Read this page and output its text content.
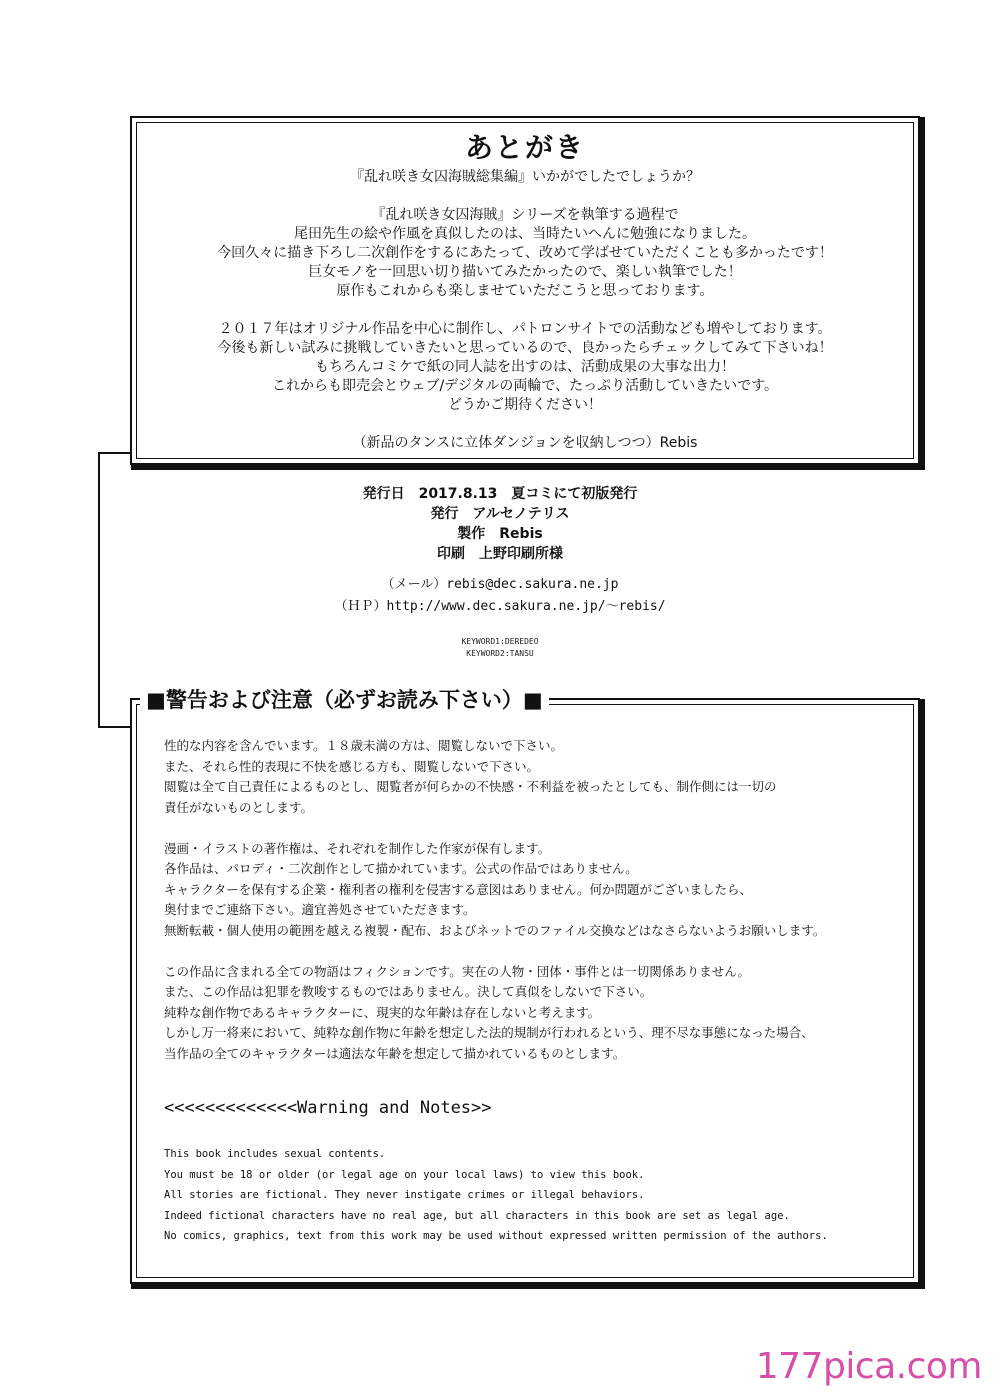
あとがき

『乱れ咲き女囚海賊総集編』いかがでしたでしょうか？

『乱れ咲き女囚海賊』シリーズを執筆する過程で

尾田先生の絵や作風を真似したのは、当時たいへんに勉強になりました。

今回久々に描き下ろし二次創作をするにあたって、改めて学ばせていただくことも多かったです！

巨女モノを一回思い切り描いてみたかったので、楽しい執筆でした！

原作もこれからも楽しませていただこうと思っております。

２０１７年はオリジナル作品を中心に制作し、パトロンサイトでの活動なども増やしております。

今後も新しい試みに挑戦していきたいと思っているので、良かったらチェックしてみて下さいね！

もちろんコミケで紙の同人誌を出すのは、活動成果の大事な出力！

これからも即売会とウェブ/デジタルの両輪で、たっぷり活動していきたいです。

どうかご期待ください！

（新品のタンスに立体ダンジョンを収納しつつ）Rebis

発行日　2017.8.13　夏コミにて初版発行

発行　アルセノテリス

製作　Rebis

印刷　上野印刷所様

（メール）rebis@dec.sakura.ne.jp

（ＨＰ）http://www.dec.sakura.ne.jp/～rebis/

KEYWORD1:DEREDEO

KEYWORD2:TANSU

■警告および注意（必ずお読み下さい）■

性的な内容を含んでいます。１８歳未満の方は、閲覧しないで下さい。

また、それら性的表現に不快を感じる方も、閲覧しないで下さい。

閲覧は全て自己責任によるものとし、閲覧者が何らかの不快感・不利益を被ったとしても、制作側には一切の

責任がないものとします。

漫画・イラストの著作権は、それぞれを制作した作家が保有します。

各作品は、パロディ・二次創作として描かれています。公式の作品ではありません。

キャラクターを保有する企業・権利者の権利を侵害する意図はありません。何か問題がございましたら、

奥付までご連絡下さい。適宜善処させていただきます。

無断転載・個人使用の範囲を越える複製・配布、およびネットでのファイル交換などはなさらないようお願いします。

この作品に含まれる全ての物語はフィクションです。実在の人物・団体・事件とは一切関係ありません。

また、この作品は犯罪を教唆するものではありません。決して真似をしないで下さい。

純粋な創作物であるキャラクターに、現実的な年齢は存在しないと考えます。

しかし万一将来において、純粋な創作物に年齢を想定した法的規制が行われるという、理不尽な事態になった場合、

当作品の全てのキャラクターは適法な年齢を想定して描かれているものとします。

<<<<<<<<<<<<<Warning and Notes>>

This book includes sexual contents.

You must be 18 or older (or legal age on your local laws) to view this book.

All stories are fictional. They never instigate crimes or illegal behaviors.

Indeed fictional characters have no real age, but all characters in this book are set as legal age.

No comics, graphics, text from this work may be used without expressed written permission of the authors.

177pica.com
